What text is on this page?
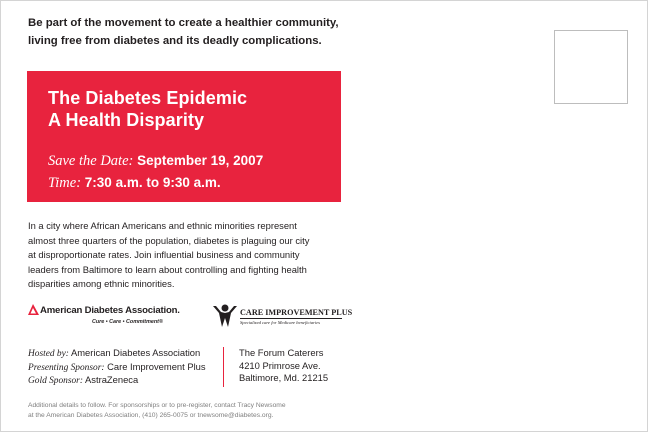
Be part of the movement to create a healthier community,
living free from diabetes and its deadly complications.
The Diabetes Epidemic
A Health Disparity
Save the Date: September 19, 2007
Time: 7:30 a.m. to 9:30 a.m.
In a city where African Americans and ethnic minorities represent
almost three quarters of the population, diabetes is plaguing our city
at disproportionate rates. Join influential business and community
leaders from Baltimore to learn about controlling and fighting health
disparities among ethnic minorities.
American Diabetes Association.
Cure • Care • Commitment®
CARE IMPROVEMENT PLUS
Specialized care for Medicare beneficiaries
Hosted by: American Diabetes Association
Presenting Sponsor: Care Improvement Plus
Gold Sponsor: AstraZeneca
The Forum Caterers
4210 Primrose Ave.
Baltimore, Md. 21215
Additional details to follow. For sponsorships or to pre-register, contact Tracy Newsome
at the American Diabetes Association, (410) 265-0075 or tnewsome@diabetes.org.
